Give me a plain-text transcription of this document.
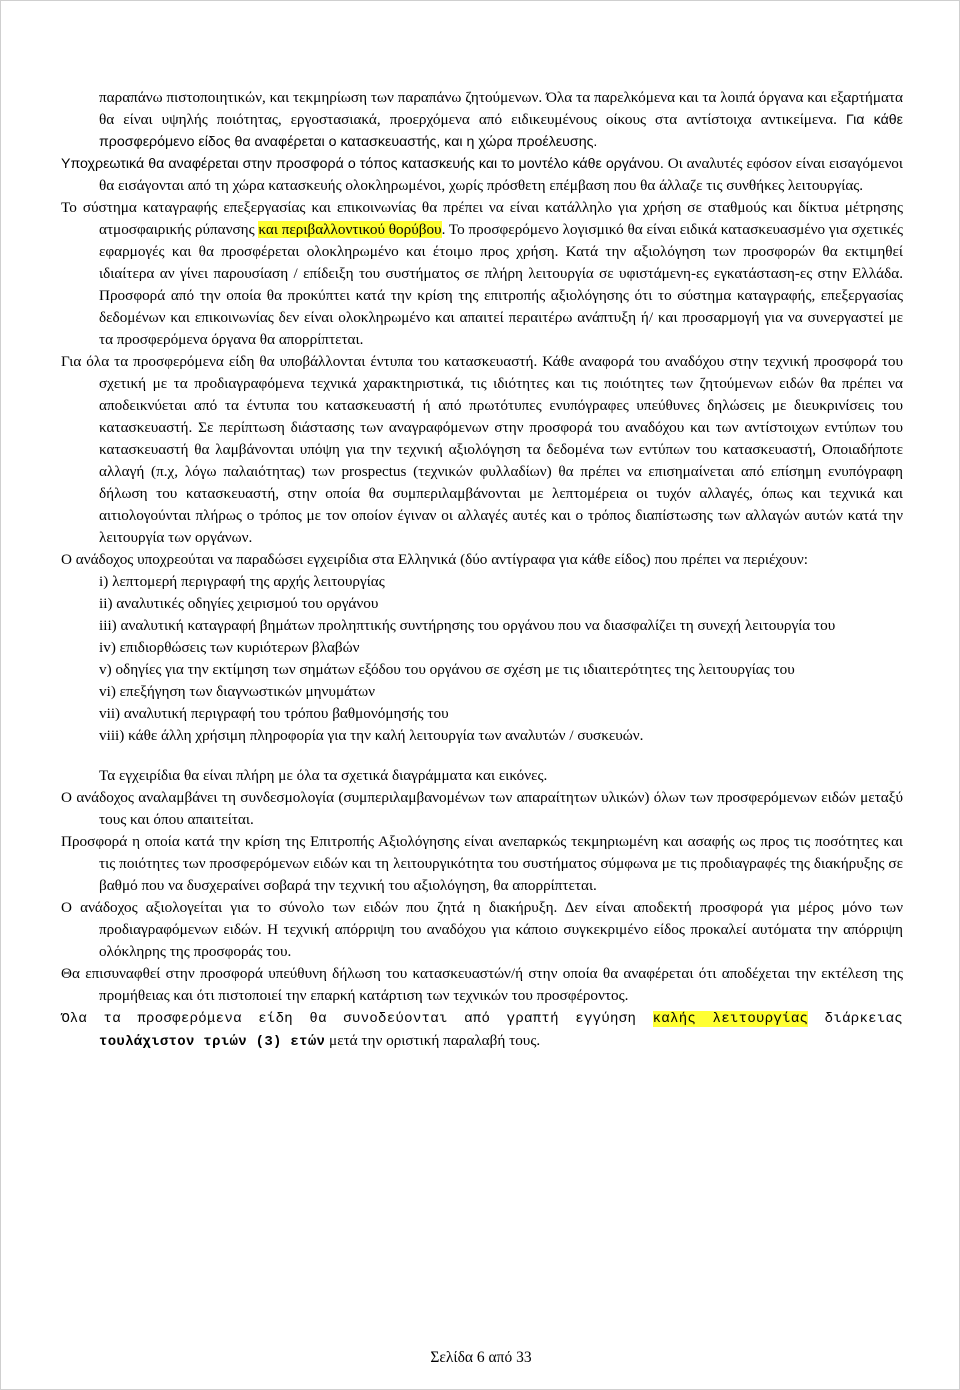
παραπάνω πιστοποιητικών, και τεκμηρίωση των παραπάνω ζητούμενων. Όλα τα παρελκόμενα και τα λοιπά όργανα και εξαρτήματα θα είναι υψηλής ποιότητας, εργοστασιακά, προερχόμενα από ειδικευμένους οίκους στα αντίστοιχα αντικείμενα. Για κάθε προσφερόμενο είδος θα αναφέρεται ο κατασκευαστής, και η χώρα προέλευσης.

Υποχρεωτικά θα αναφέρεται στην προσφορά ο τόπος κατασκευής και το μοντέλο κάθε οργάνου. Οι αναλυτές εφόσον είναι εισαγόμενοι θα εισάγονται από τη χώρα κατασκευής ολοκληρωμένοι, χωρίς πρόσθετη επέμβαση που θα άλλαζε τις συνθήκες λειτουργίας.

Το σύστημα καταγραφής επεξεργασίας και επικοινωνίας θα πρέπει να είναι κατάλληλο για χρήση σε σταθμούς και δίκτυα μέτρησης ατμοσφαιρικής ρύπανσης και περιβαλλοντικού θορύβου. Το προσφερόμενο λογισμικό θα είναι ειδικά κατασκευασμένο για σχετικές εφαρμογές και θα προσφέρεται ολοκληρωμένο και έτοιμο προς χρήση. Κατά την αξιολόγηση των προσφορών θα εκτιμηθεί ιδιαίτερα αν γίνει παρουσίαση / επίδειξη του συστήματος σε πλήρη λειτουργία σε υφιστάμενη-ες εγκατάσταση-ες στην Ελλάδα. Προσφορά από την οποία θα προκύπτει κατά την κρίση της επιτροπής αξιολόγησης ότι το σύστημα καταγραφής, επεξεργασίας δεδομένων και επικοινωνίας δεν είναι ολοκληρωμένο και απαιτεί περαιτέρω ανάπτυξη ή/ και προσαρμογή για να συνεργαστεί με τα προσφερόμενα όργανα θα απορρίπτεται.

Για όλα τα προσφερόμενα είδη θα υποβάλλονται έντυπα του κατασκευαστή. Κάθε αναφορά του αναδόχου στην τεχνική προσφορά του σχετική με τα προδιαγραφόμενα τεχνικά χαρακτηριστικά, τις ιδιότητες και τις ποιότητες των ζητούμενων ειδών θα πρέπει να αποδεικνύεται από τα έντυπα του κατασκευαστή ή από πρωτότυπες ενυπόγραφες υπεύθυνες δηλώσεις με διευκρινίσεις του κατασκευαστή. Σε περίπτωση διάστασης των αναγραφόμενων στην προσφορά του αναδόχου και των αντίστοιχων εντύπων του κατασκευαστή θα λαμβάνονται υπόψη για την τεχνική αξιολόγηση τα δεδομένα των εντύπων του κατασκευαστή, Οποιαδήποτε αλλαγή (π.χ, λόγω παλαιότητας) των prospectus (τεχνικών φυλλαδίων) θα πρέπει να επισημαίνεται από επίσημη ενυπόγραφη δήλωση του κατασκευαστή, στην οποία θα συμπεριλαμβάνονται με λεπτομέρεια οι τυχόν αλλαγές, όπως και τεχνικά και αιτιολογούνται πλήρως ο τρόπος με τον οποίον έγιναν οι αλλαγές αυτές και ο τρόπος διαπίστωσης των αλλαγών αυτών κατά την λειτουργία των οργάνων.

Ο ανάδοχος υποχρεούται να παραδώσει εγχειρίδια στα Ελληνικά (δύο αντίγραφα για κάθε είδος) που πρέπει να περιέχουν:

i) λεπτομερή περιγραφή της αρχής λειτουργίας
ii) αναλυτικές οδηγίες χειρισμού του οργάνου
iii) αναλυτική καταγραφή βημάτων προληπτικής συντήρησης του οργάνου που να διασφαλίζει τη συνεχή λειτουργία του
iv) επιδιορθώσεις των κυριότερων βλαβών
v) οδηγίες για την εκτίμηση των σημάτων εξόδου του οργάνου σε σχέση με τις ιδιαιτερότητες της λειτουργίας του
vi) επεξήγηση των διαγνωστικών μηνυμάτων
vii) αναλυτική περιγραφή του τρόπου βαθμονόμησής του
viii) κάθε άλλη χρήσιμη πληροφορία για την καλή λειτουργία των αναλυτών / συσκευών.

Τα εγχειρίδια θα είναι πλήρη με όλα τα σχετικά διαγράμματα και εικόνες.

Ο ανάδοχος αναλαμβάνει τη συνδεσμολογία (συμπεριλαμβανομένων των απαραίτητων υλικών) όλων των προσφερόμενων ειδών μεταξύ τους και όπου απαιτείται.

Προσφορά η οποία κατά την κρίση της Επιτροπής Αξιολόγησης είναι ανεπαρκώς τεκμηριωμένη και ασαφής ως προς τις ποσότητες και τις ποιότητες των προσφερόμενων ειδών και τη λειτουργικότητα του συστήματος σύμφωνα με τις προδιαγραφές της διακήρυξης σε βαθμό που να δυσχεραίνει σοβαρά την τεχνική του αξιολόγηση, θα απορρίπτεται.

Ο ανάδοχος αξιολογείται για το σύνολο των ειδών που ζητά η διακήρυξη. Δεν είναι αποδεκτή προσφορά για μέρος μόνο των προδιαγραφόμενων ειδών. Η τεχνική απόρριψη του αναδόχου για κάποιο συγκεκριμένο είδος προκαλεί αυτόματα την απόρριψη ολόκληρης της προσφοράς του.

Θα επισυναφθεί στην προσφορά υπεύθυνη δήλωση του κατασκευαστών/ή στην οποία θα αναφέρεται ότι αποδέχεται την εκτέλεση της προμήθειας και ότι πιστοποιεί την επαρκή κατάρτιση των τεχνικών του προσφέροντος.

Όλα τα προσφερόμενα είδη θα συνοδεύονται από γραπτή εγγύηση καλής λειτουργίας διάρκειας τουλάχιστον τριών (3) ετών μετά την οριστική παραλαβή τους.

Σελίδα 6 από 33
